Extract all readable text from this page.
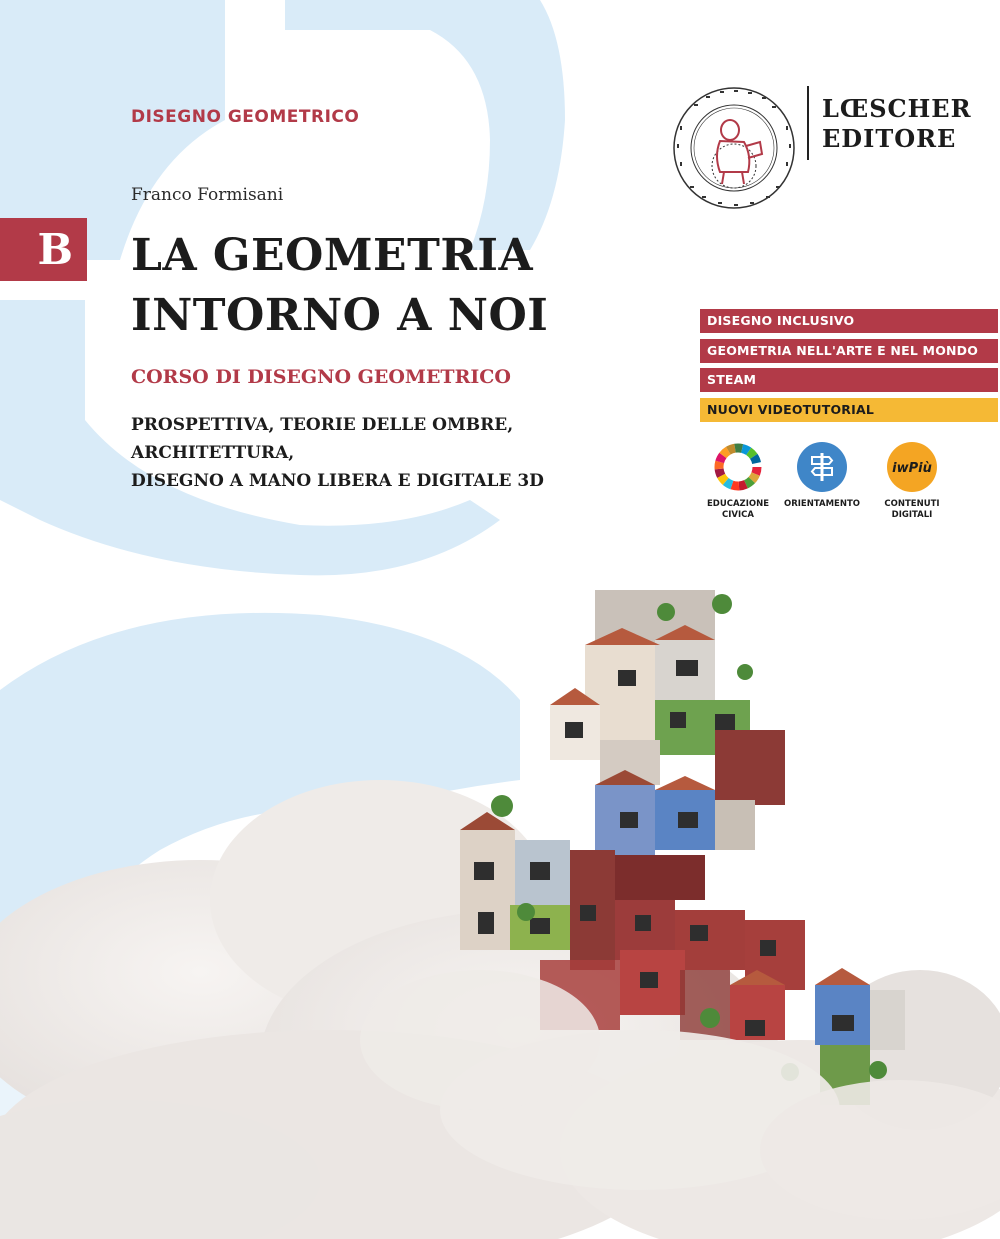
DISEGNO GEOMETRICO
Franco Formisani
B LA GEOMETRIA
INTORNO A NOI
CORSO DI DISEGNO GEOMETRICO
PROSPETTIVA, TEORIE DELLE OMBRE,
ARCHITETTURA,
DISEGNO A MANO LIBERA E DIGITALE 3D
LŒSCHER
EDITORE
DISEGNO INCLUSIVO
GEOMETRIA NELL'ARTE E NEL MONDO
STEAM
NUOVI VIDEOTUTORIAL
EDUCAZIONE
CIVICA
ORIENTAMENTO
iwPiù
CONTENUTI
DIGITALI
